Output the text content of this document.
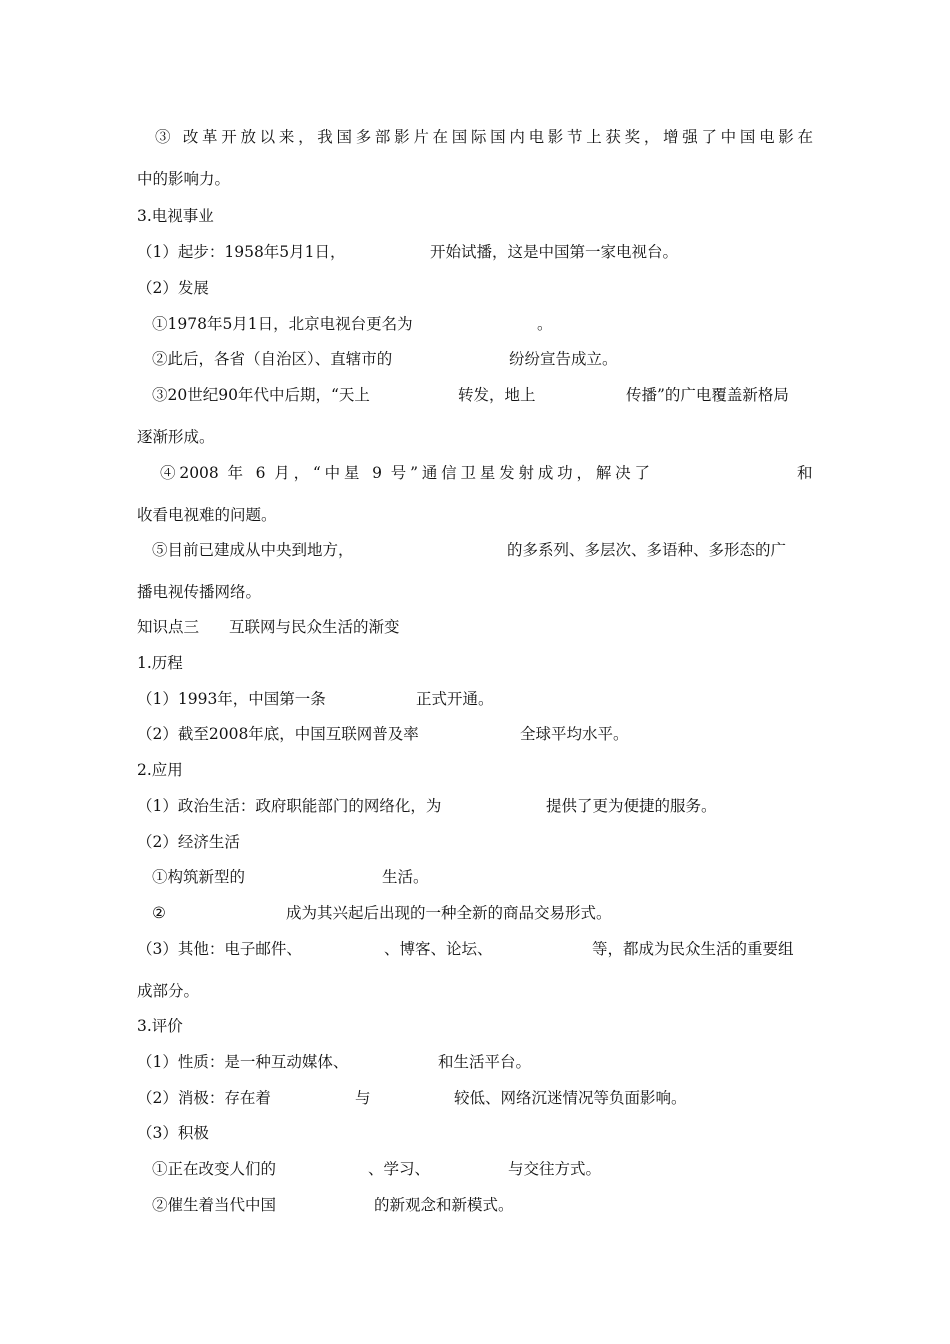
③ 改革开放以来，我国多部影片在国际国内电影节上获奖，增强了中国电影在
中的影响力。
3.电视事业
（1）起步：1958年5月1日，	开始试播，这是中国第一家电视台。
（2）发展
①1978年5月1日，北京电视台更名为	。
②此后，各省（自治区）、直辖市的	纷纷宣告成立。
③20世纪90年代中后期，“天上	转发，地上	传播”的广电覆盖新格局
逐渐形成。
④2008 年 6 月，“中星 9 号”通信卫星发射成功，解决了	和
收看电视难的问题。
⑤目前已建成从中央到地方，	的多系列、多层次、多语种、多形态的广
播电视传播网络。
知识点三 互联网与民众生活的渐变
1.历程
（1）1993年，中国第一条	正式开通。
（2）截至2008年底，中国互联网普及率	全球平均水平。
2.应用
（1）政治生活：政府职能部门的网络化，为	提供了更为便捷的服务。
（2）经济生活
①构筑新型的	生活。
②	成为其兴起后出现的一种全新的商品交易形式。
（3）其他：电子邮件、	、博客、论坛、	等，都成为民众生活的重要组
成部分。
3.评价
（1）性质：是一种互动媒体、	和生活平台。
（2）消极：存在着	与	较低、网络沉迷情况等负面影响。
（3）积极
①正在改变人们的	、学习、	与交往方式。
②催生着当代中国	的新观念和新模式。
